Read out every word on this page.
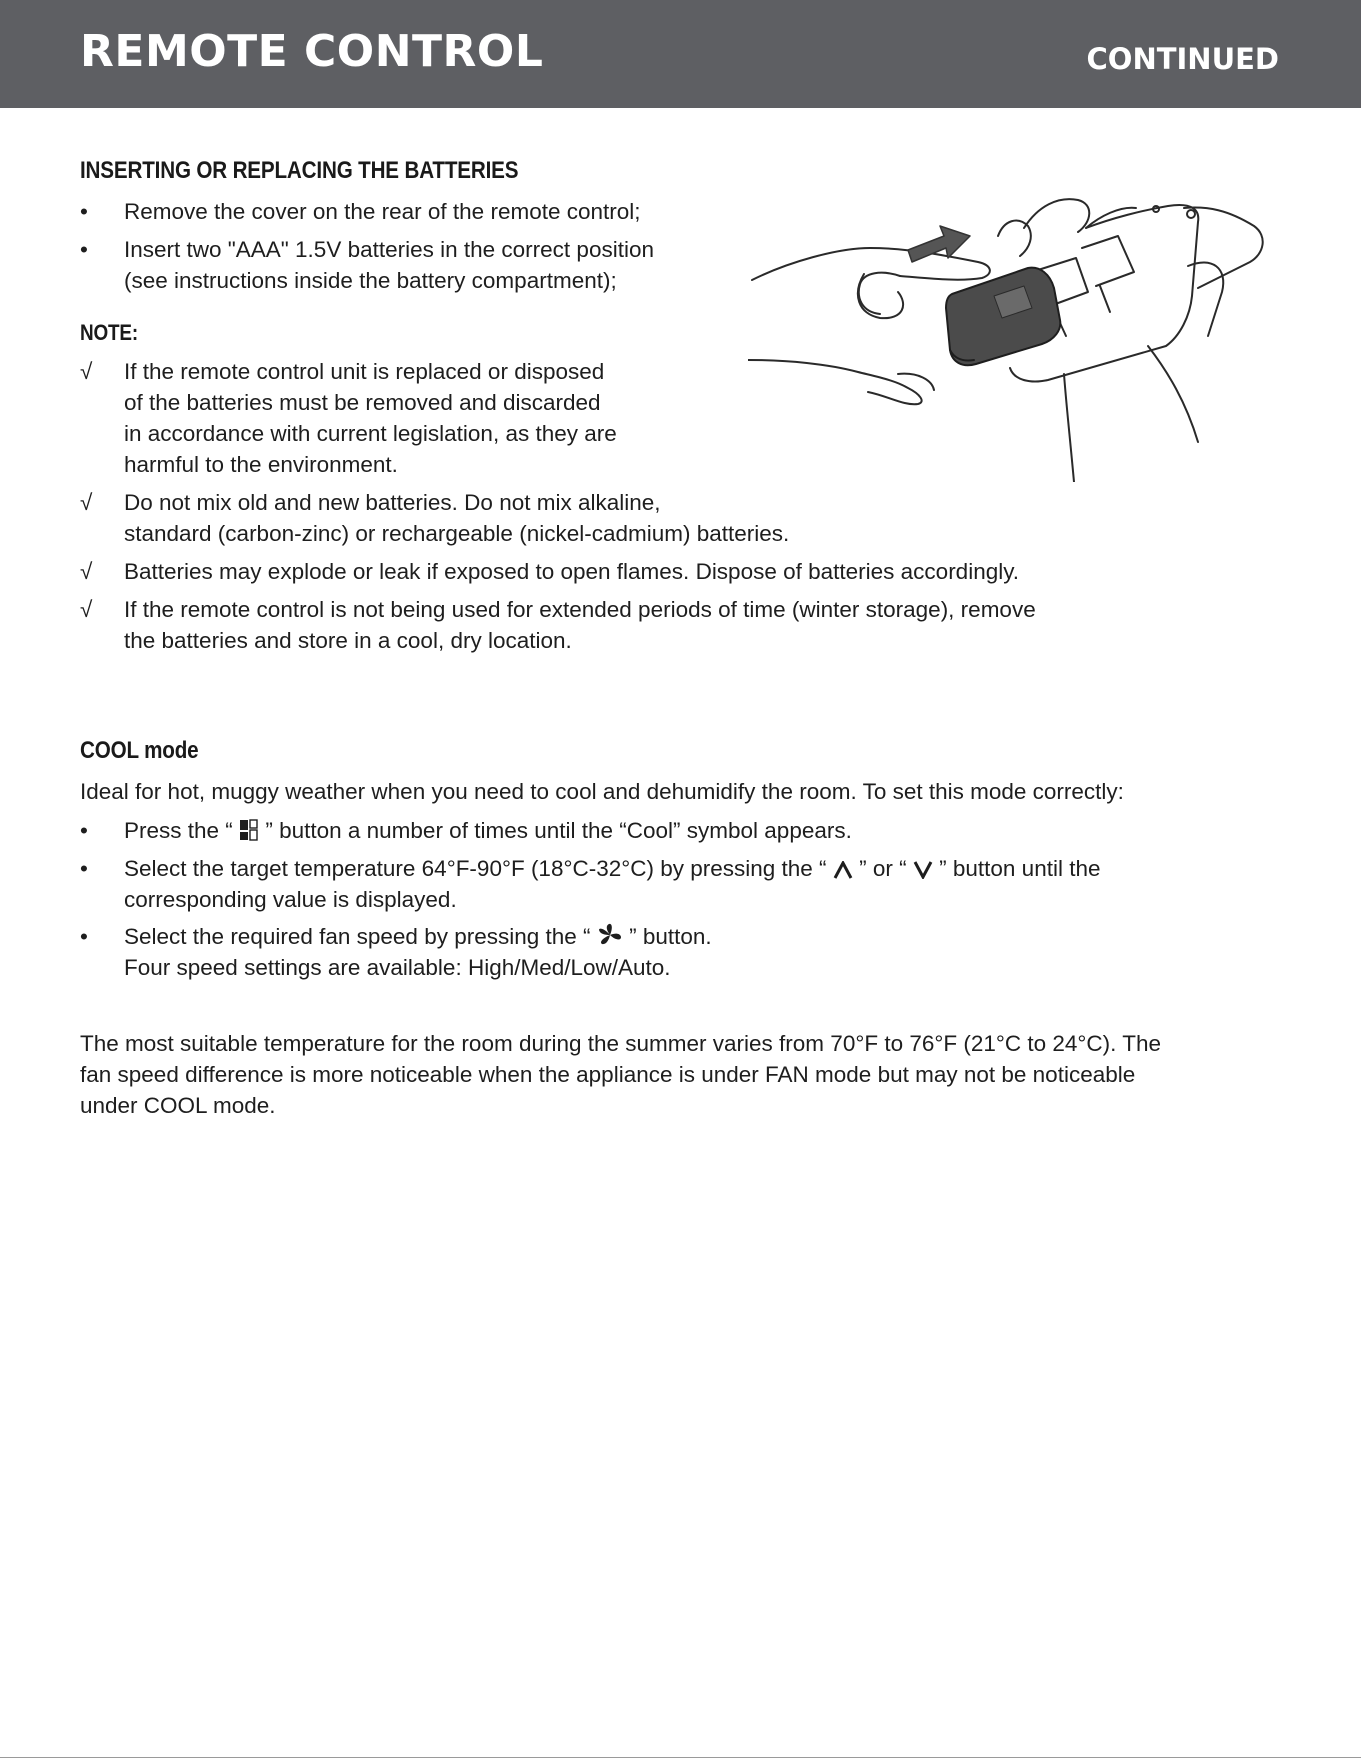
REMOTE CONTROL	CONTINUED
INSERTING OR REPLACING THE BATTERIES
•	Remove the cover on the rear of the remote control;
•	Insert two "AAA" 1.5V batteries in the correct position
(see instructions inside the battery compartment);
NOTE:
√	If the remote control unit is replaced or disposed
of the batteries must be removed and discarded
in accordance with current legislation, as they are
harmful to the environment.
√	Do not mix old and new batteries. Do not mix alkaline,
standard (carbon-zinc) or rechargeable (nickel-cadmium) batteries.
√	Batteries may explode or leak if exposed to open flames. Dispose of batteries accordingly.
√	If the remote control is not being used for extended periods of time (winter storage), remove
the batteries and store in a cool, dry location.
COOL mode
Ideal for hot, muggy weather when you need to cool and dehumidify the room. To set this mode correctly:
•	Press the “ ” button a number of times until the “Cool” symbol appears.
•	Select the target temperature 64°F-90°F (18°C-32°C) by pressing the “ ” or “ ” button until the
corresponding value is displayed.
•	Select the required fan speed by pressing the “ ” button.
Four speed settings are available: High/Med/Low/Auto.
The most suitable temperature for the room during the summer varies from 70°F to 76°F (21°C to 24°C). The
fan speed difference is more noticeable when the appliance is under FAN mode but may not be noticeable
under COOL mode.
